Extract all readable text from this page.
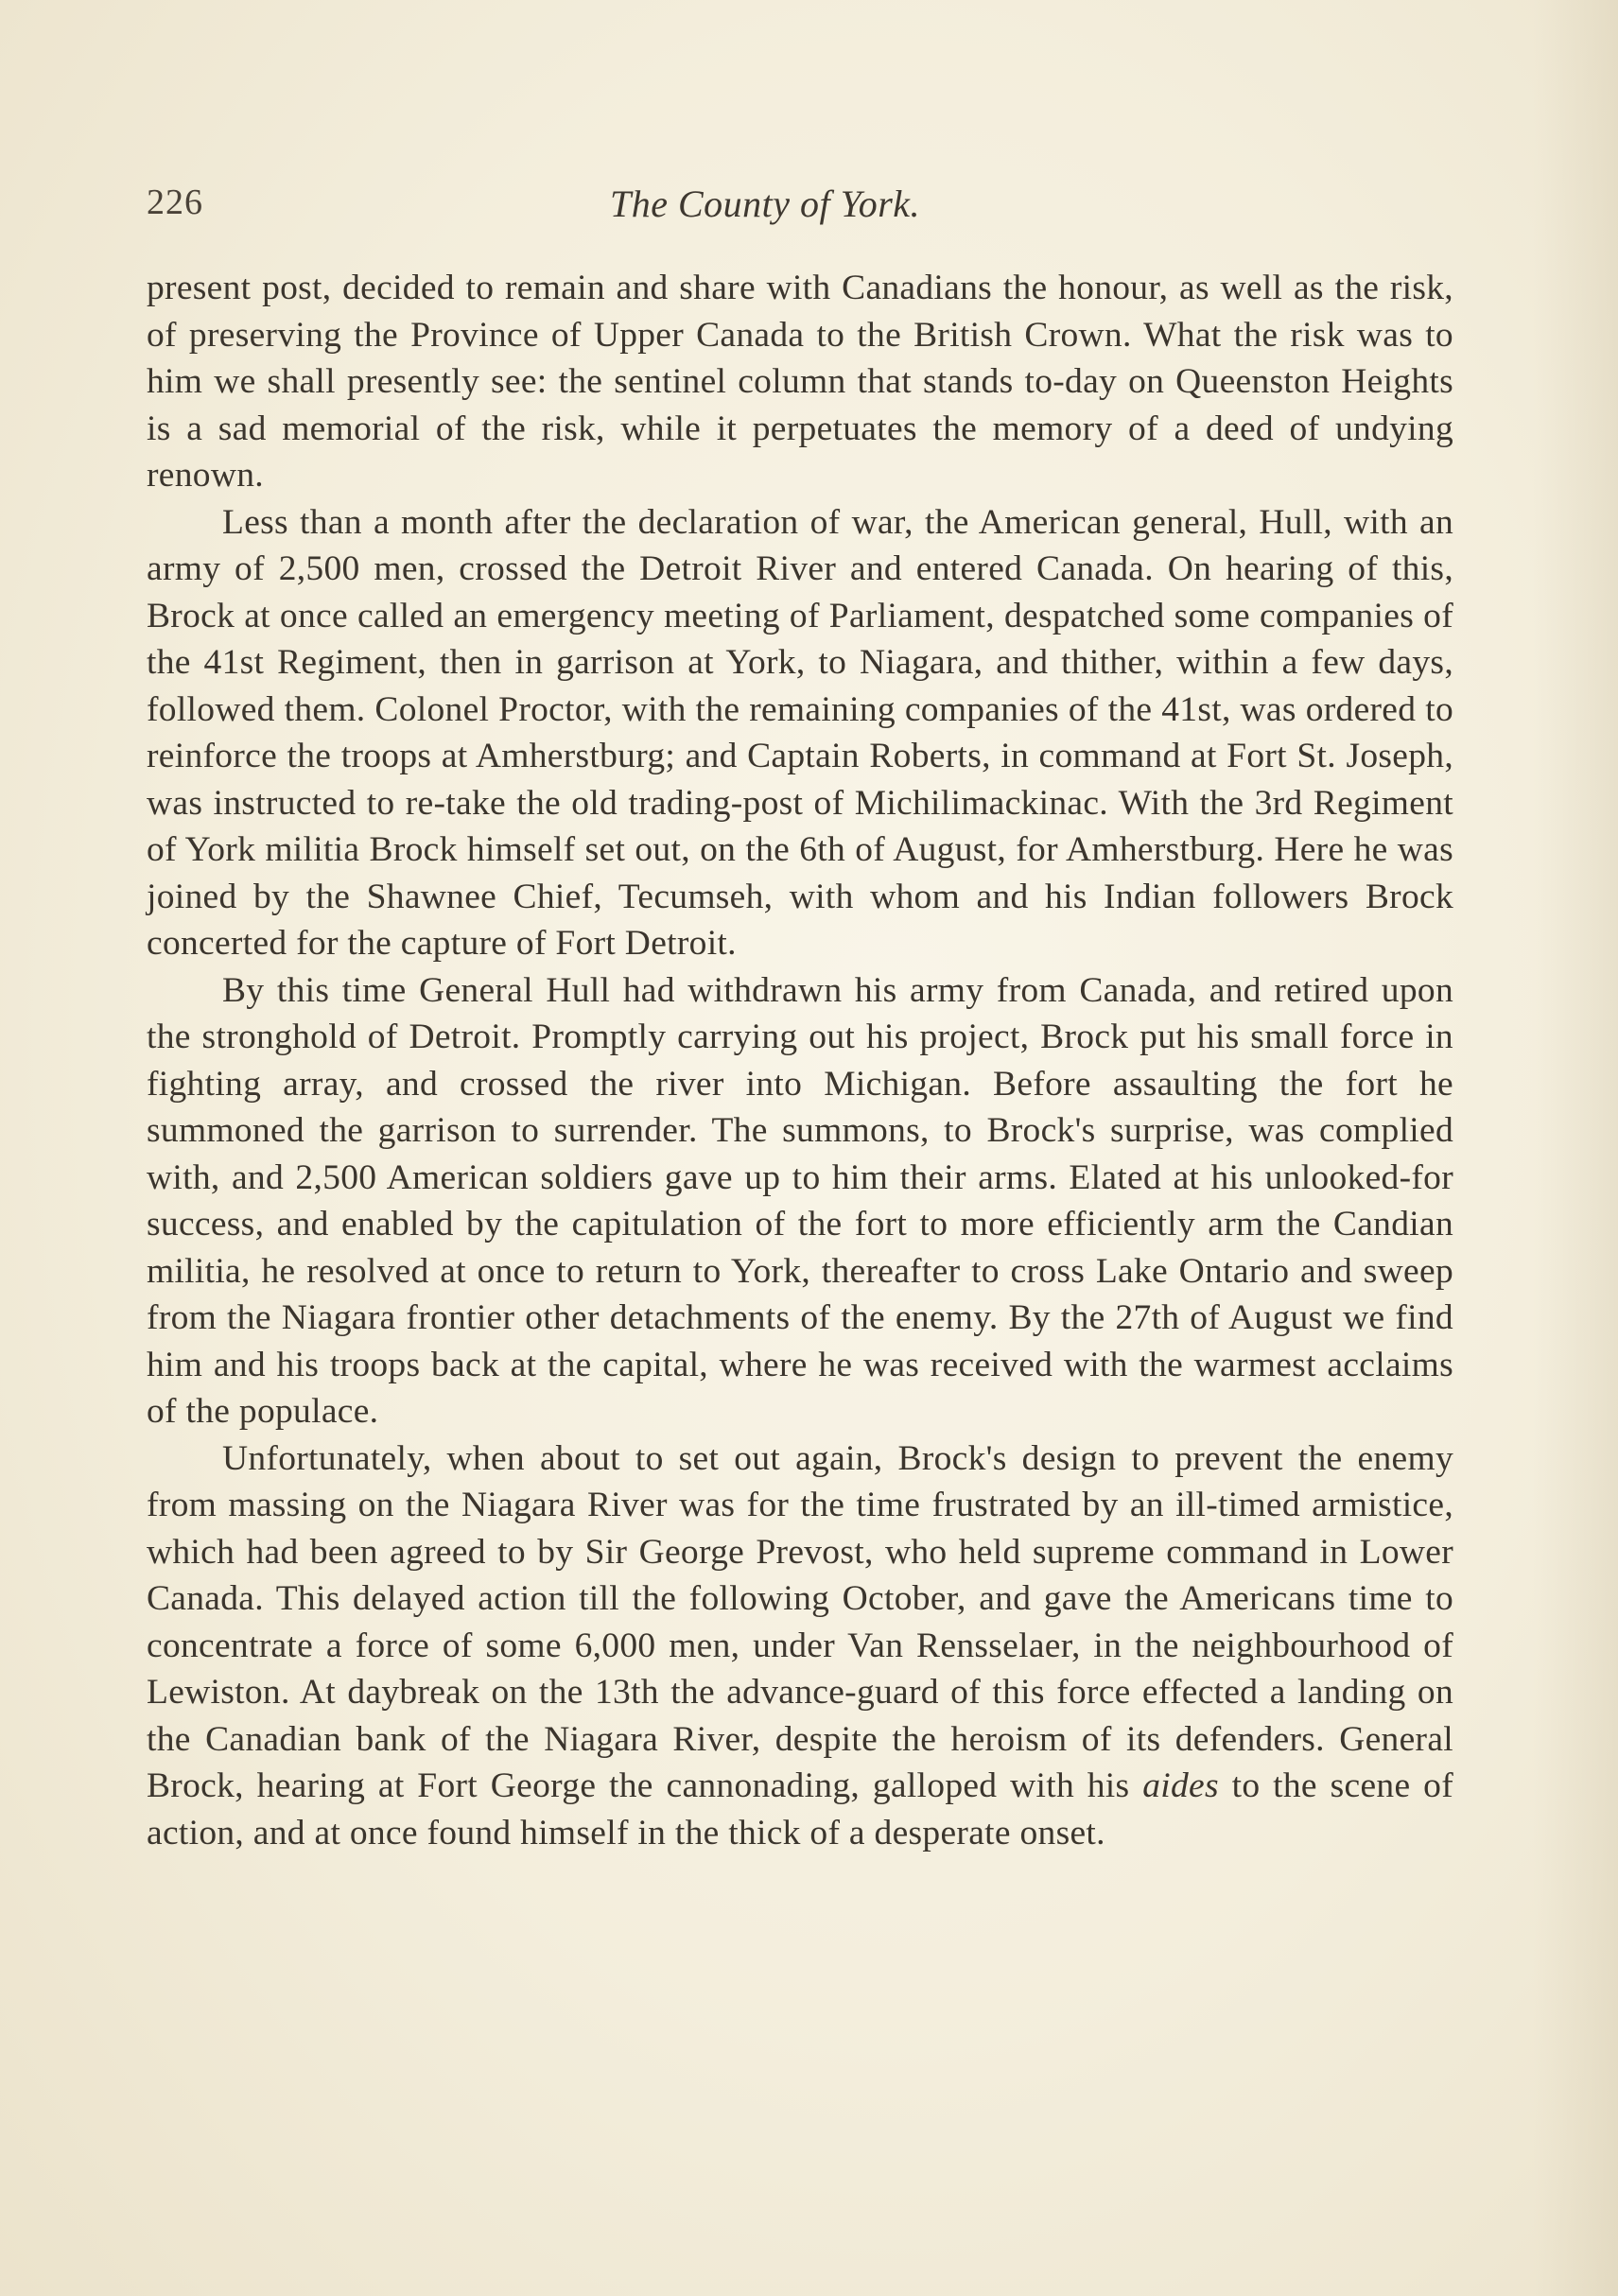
226	The County of York.

present post, decided to remain and share with Canadians the honour, as well as the risk, of preserving the Province of Upper Canada to the British Crown. What the risk was to him we shall presently see: the sentinel column that stands to-day on Queenston Heights is a sad memorial of the risk, while it perpetuates the memory of a deed of undying renown.

Less than a month after the declaration of war, the American general, Hull, with an army of 2,500 men, crossed the Detroit River and entered Canada. On hearing of this, Brock at once called an emergency meeting of Parliament, despatched some companies of the 41st Regiment, then in garrison at York, to Niagara, and thither, within a few days, followed them. Colonel Proctor, with the remaining companies of the 41st, was ordered to reinforce the troops at Amherstburg; and Captain Roberts, in command at Fort St. Joseph, was instructed to re-take the old trading-post of Michilimackinac. With the 3rd Regiment of York militia Brock himself set out, on the 6th of August, for Amherstburg. Here he was joined by the Shawnee Chief, Tecumseh, with whom and his Indian followers Brock concerted for the capture of Fort Detroit.

By this time General Hull had withdrawn his army from Canada, and retired upon the stronghold of Detroit. Promptly carrying out his project, Brock put his small force in fighting array, and crossed the river into Michigan. Before assaulting the fort he summoned the garrison to surrender. The summons, to Brock's surprise, was complied with, and 2,500 American soldiers gave up to him their arms. Elated at his unlooked-for success, and enabled by the capitulation of the fort to more efficiently arm the Candian militia, he resolved at once to return to York, thereafter to cross Lake Ontario and sweep from the Niagara frontier other detachments of the enemy. By the 27th of August we find him and his troops back at the capital, where he was received with the warmest acclaims of the populace.

Unfortunately, when about to set out again, Brock's design to prevent the enemy from massing on the Niagara River was for the time frustrated by an ill-timed armistice, which had been agreed to by Sir George Prevost, who held supreme command in Lower Canada. This delayed action till the following October, and gave the Americans time to concentrate a force of some 6,000 men, under Van Rensselaer, in the neighbourhood of Lewiston. At daybreak on the 13th the advance-guard of this force effected a landing on the Canadian bank of the Niagara River, despite the heroism of its defenders. General Brock, hearing at Fort George the cannonading, galloped with his aides to the scene of action, and at once found himself in the thick of a desperate onset.
